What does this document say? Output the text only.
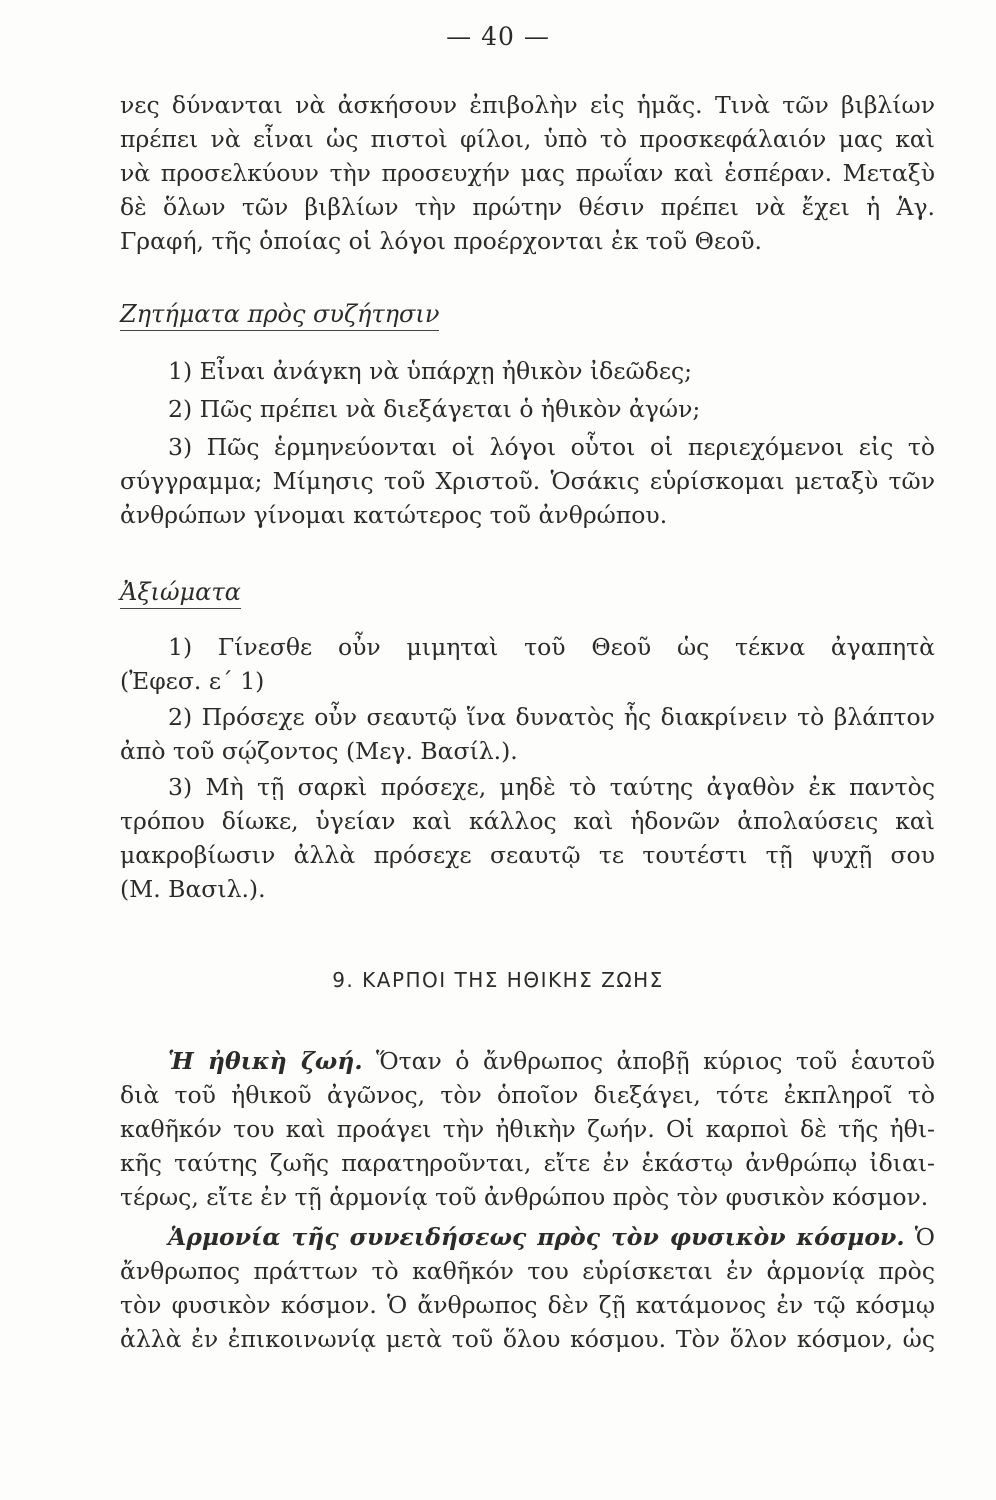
— 40 —
νες δύνανται νὰ ἀσκήσουν ἐπιβολὴν εἰς ἡμᾶς. Τινὰ τῶν βιβλίων
πρέπει νὰ εἶναι ὡς πιστοὶ φίλοι, ὑπὸ τὸ προσκεφάλαιόν μας καὶ
νὰ προσελκύουν τὴν προσευχήν μας πρωΐαν καὶ ἑσπέραν. Μεταξὺ
δὲ ὅλων τῶν βιβλίων τὴν πρώτην θέσιν πρέπει νὰ ἔχει ἡ Ἁγ.
Γραφή, τῆς ὁποίας οἱ λόγοι προέρχονται ἐκ τοῦ Θεοῦ.
Ζητήματα πρὸς συζήτησιν
1) Εἶναι ἀνάγκη νὰ ὑπάρχῃ ἠθικὸν ἰδεῶδες;
2) Πῶς πρέπει νὰ διεξάγεται ὁ ἠθικὸν ἀγών;
3) Πῶς ἑρμηνεύονται οἱ λόγοι οὗτοι οἱ περιεχόμενοι εἰς τὸ
σύγγραμμα; Μίμησις τοῦ Χριστοῦ. Ὁσάκις εὑρίσκομαι μεταξὺ τῶν
ἀνθρώπων γίνομαι κατώτερος τοῦ ἀνθρώπου.
Ἀξιώματα
1) Γίνεσθε οὖν μιμηταὶ τοῦ Θεοῦ ὡς τέκνα ἀγαπητὰ
(Ἐφεσ. ε΄ 1)
2) Πρόσεχε οὖν σεαυτῷ ἵνα δυνατὸς ἧς διακρίνειν τὸ βλάπτον
ἀπὸ τοῦ σῴζοντος (Μεγ. Βασίλ.).
3) Μὴ τῇ σαρκὶ πρόσεχε, μηδὲ τὸ ταύτης ἀγαθὸν ἐκ παντὸς
τρόπου δίωκε, ὑγείαν καὶ κάλλος καὶ ἡδονῶν ἀπολαύσεις καὶ
μακροβίωσιν ἀλλὰ πρόσεχε σεαυτῷ τε τουτέστι τῇ ψυχῇ σου
(Μ. Βασιλ.).
9. ΚΑΡΠΟΙ ΤΗΣ ΗΘΙΚΗΣ ΖΩΗΣ
Ἡ ἠθικὴ ζωή. Ὅταν ὁ ἄνθρωπος ἀποβῇ κύριος τοῦ ἑαυτοῦ
διὰ τοῦ ἠθικοῦ ἀγῶνος, τὸν ὁποῖον διεξάγει, τότε ἐκπληροῖ τὸ
καθῆκόν του καὶ προάγει τὴν ἠθικὴν ζωήν. Οἱ καρποὶ δὲ τῆς ἠθι-
κῆς ταύτης ζωῆς παρατηροῦνται, εἴτε ἐν ἑκάστῳ ἀνθρώπῳ ἰδιαι-
τέρως, εἴτε ἐν τῇ ἁρμονίᾳ τοῦ ἀνθρώπου πρὸς τὸν φυσικὸν κόσμον.
Ἁρμονία τῆς συνειδήσεως πρὸς τὸν φυσικὸν κόσμον. Ὁ
ἄνθρωπος πράττων τὸ καθῆκόν του εὑρίσκεται ἐν ἁρμονίᾳ πρὸς
τὸν φυσικὸν κόσμον. Ὁ ἄνθρωπος δὲν ζῇ κατάμονος ἐν τῷ κόσμῳ
ἀλλὰ ἐν ἐπικοινωνίᾳ μετὰ τοῦ ὅλου κόσμου. Τὸν ὅλον κόσμον, ὡς
